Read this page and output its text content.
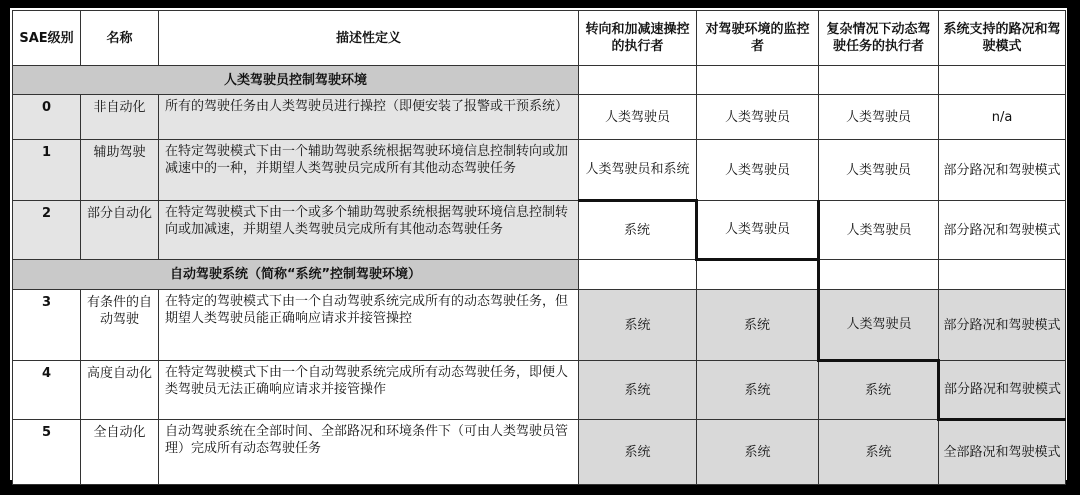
SAE级别	名称	描述性定义	转向和加减速操控的执行者	对驾驶环境的监控者	复杂情况下动态驾驶任务的执行者	系统支持的路况和驾驶模式
人类驾驶员控制驾驶环境						
0	非自动化	所有的驾驶任务由人类驾驶员进行操控（即便安装了报警或干预系统）	人类驾驶员	人类驾驶员	人类驾驶员	n/a
1	辅助驾驶	在特定驾驶模式下由一个辅助驾驶系统根据驾驶环境信息控制转向或加减速中的一种，并期望人类驾驶员完成所有其他动态驾驶任务	人类驾驶员和系统	人类驾驶员	人类驾驶员	部分路况和驾驶模式
2	部分自动化	在特定驾驶模式下由一个或多个辅助驾驶系统根据驾驶环境信息控制转向或加减速，并期望人类驾驶员完成所有其他动态驾驶任务	系统	人类驾驶员	人类驾驶员	部分路况和驾驶模式
自动驾驶系统（简称“系统”控制驾驶环境）						
3	有条件的自动驾驶	在特定的驾驶模式下由一个自动驾驶系统完成所有的动态驾驶任务，但期望人类驾驶员能正确响应请求并接管操控	系统	系统	人类驾驶员	部分路况和驾驶模式
4	高度自动化	在特定驾驶模式下由一个自动驾驶系统完成所有动态驾驶任务，即便人类驾驶员无法正确响应请求并接管操作	系统	系统	系统	部分路况和驾驶模式
5	全自动化	自动驾驶系统在全部时间、全部路况和环境条件下（可由人类驾驶员管理）完成所有动态驾驶任务	系统	系统	系统	全部路况和驾驶模式
